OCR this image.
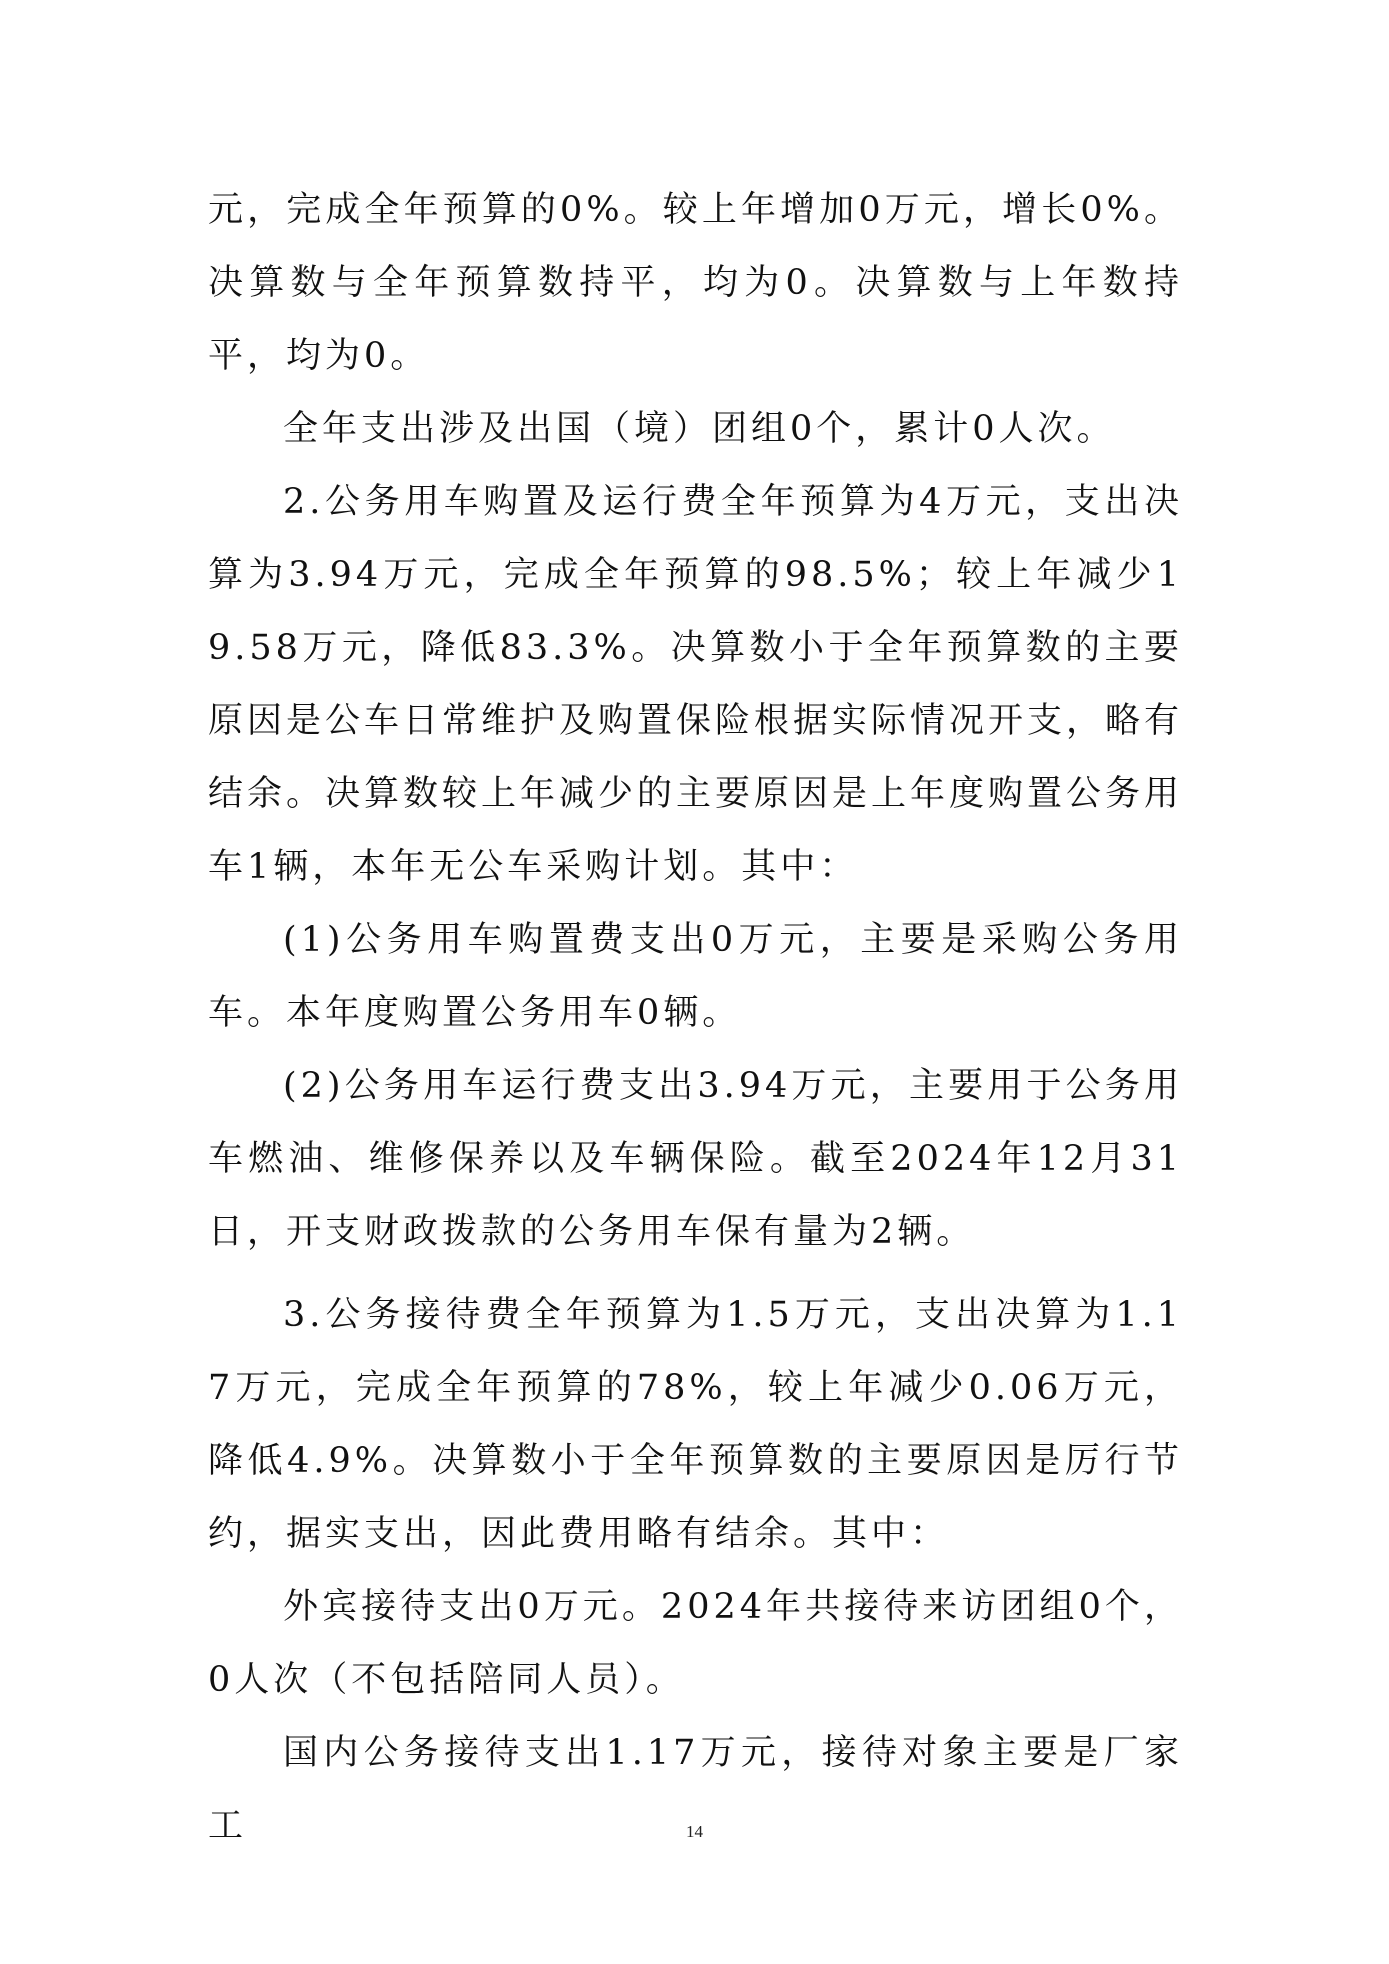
元，完成全年预算的0%。较上年增加0万元，增长0%。决算数与全年预算数持平，均为0。决算数与上年数持平，均为0。

全年支出涉及出国（境）团组0个，累计0人次。

2.公务用车购置及运行费全年预算为4万元，支出决算为3.94万元，完成全年预算的98.5%；较上年减少19.58万元，降低83.3%。决算数小于全年预算数的主要原因是公车日常维护及购置保险根据实际情况开支，略有结余。决算数较上年减少的主要原因是上年度购置公务用车1辆，本年无公车采购计划。其中：

(1)公务用车购置费支出0万元，主要是采购公务用车。本年度购置公务用车0辆。

(2)公务用车运行费支出3.94万元，主要用于公务用车燃油、维修保养以及车辆保险。截至2024年12月31日，开支财政拨款的公务用车保有量为2辆。

3.公务接待费全年预算为1.5万元，支出决算为1.17万元，完成全年预算的78%，较上年减少0.06万元，降低4.9%。决算数小于全年预算数的主要原因是厉行节约，据实支出，因此费用略有结余。其中：

外宾接待支出0万元。2024年共接待来访团组0个，0人次（不包括陪同人员）。

国内公务接待支出1.17万元，接待对象主要是厂家工	14
